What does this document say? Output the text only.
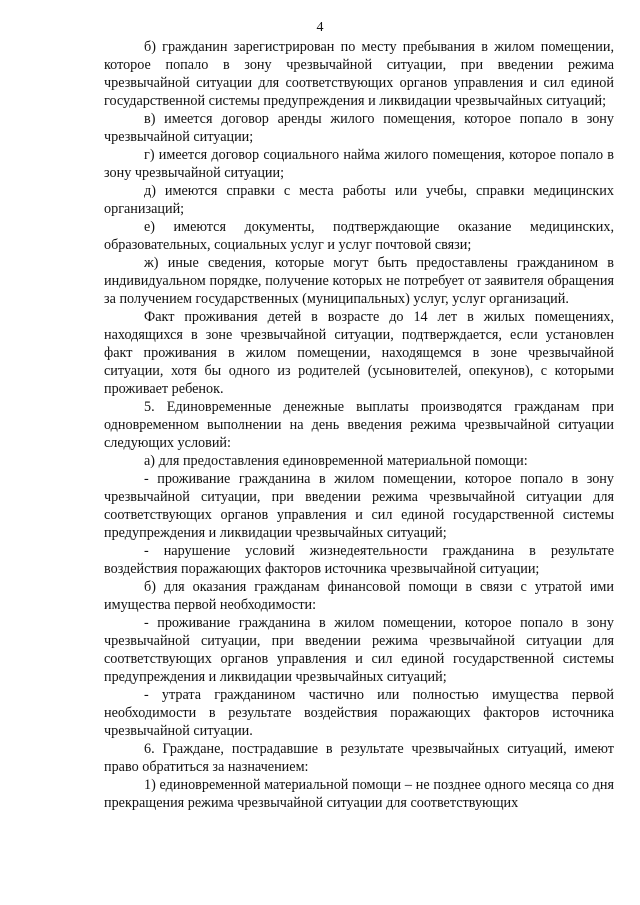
4

б) гражданин зарегистрирован по месту пребывания в жилом помещении, которое попало в зону чрезвычайной ситуации, при введении режима чрезвычайной ситуации для соответствующих органов управления и сил единой государственной системы предупреждения и ликвидации чрезвычайных ситуаций;

в) имеется договор аренды жилого помещения, которое попало в зону чрезвычайной ситуации;

г) имеется договор социального найма жилого помещения, которое попало в зону чрезвычайной ситуации;

д) имеются справки с места работы или учебы, справки медицинских организаций;

е) имеются документы, подтверждающие оказание медицинских, образовательных, социальных услуг и услуг почтовой связи;

ж) иные сведения, которые могут быть предоставлены гражданином в индивидуальном порядке, получение которых не потребует от заявителя обращения за получением государственных (муниципальных) услуг, услуг организаций.

Факт проживания детей в возрасте до 14 лет в жилых помещениях, находящихся в зоне чрезвычайной ситуации, подтверждается, если установлен факт проживания в жилом помещении, находящемся в зоне чрезвычайной ситуации, хотя бы одного из родителей (усыновителей, опекунов), с которыми проживает ребенок.

5. Единовременные денежные выплаты производятся гражданам при одновременном выполнении на день введения режима чрезвычайной ситуации следующих условий:

а) для предоставления единовременной материальной помощи:

- проживание гражданина в жилом помещении, которое попало в зону чрезвычайной ситуации, при введении режима чрезвычайной ситуации для соответствующих органов управления и сил единой государственной системы предупреждения и ликвидации чрезвычайных ситуаций;

- нарушение условий жизнедеятельности гражданина в результате воздействия поражающих факторов источника чрезвычайной ситуации;

б) для оказания гражданам финансовой помощи в связи с утратой ими имущества первой необходимости:

- проживание гражданина в жилом помещении, которое попало в зону чрезвычайной ситуации, при введении режима чрезвычайной ситуации для соответствующих органов управления и сил единой государственной системы предупреждения и ликвидации чрезвычайных ситуаций;

- утрата гражданином частично или полностью имущества первой необходимости в результате воздействия поражающих факторов источника чрезвычайной ситуации.

6. Граждане, пострадавшие в результате чрезвычайных ситуаций, имеют право обратиться за назначением:

1) единовременной материальной помощи – не позднее одного месяца со дня прекращения режима чрезвычайной ситуации для соответствующих
